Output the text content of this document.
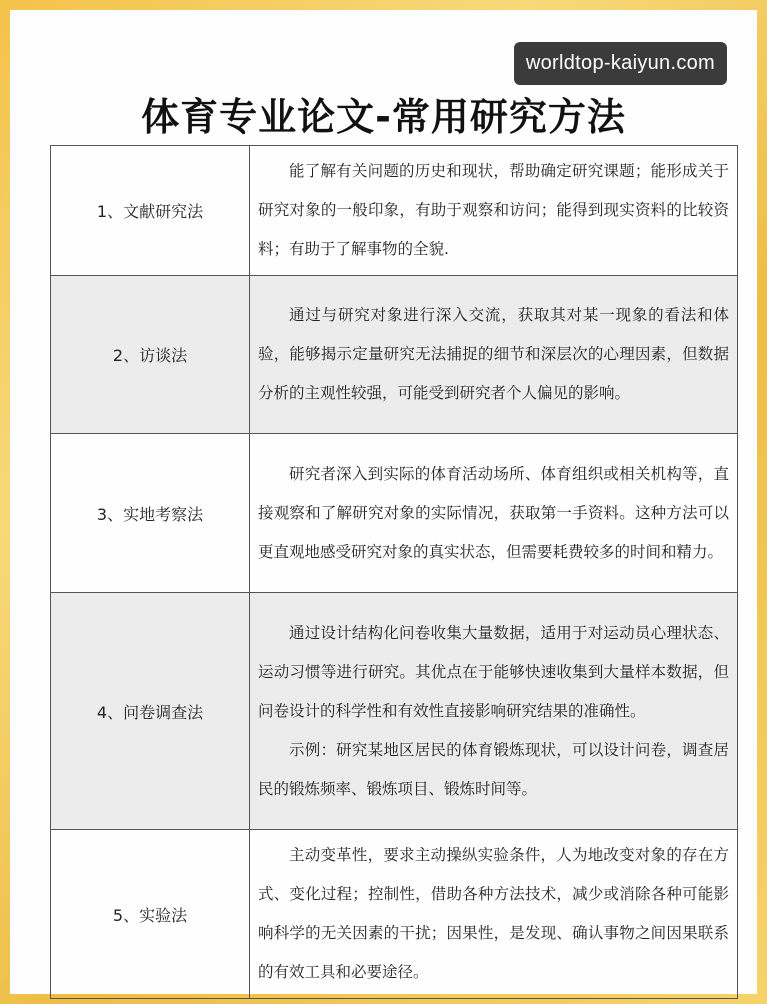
worldtop-kaiyun.com
体育专业论文-常用研究方法
1、文献研究法	能了解有关问题的历史和现状，帮助确定研究课题；能形成关于研究对象的一般印象，有助于观察和访问；能得到现实资料的比较资料；有助于了解事物的全貌.

2、访谈法	通过与研究对象进行深入交流，获取其对某一现象的看法和体验，能够揭示定量研究无法捕捉的细节和深层次的心理因素，但数据分析的主观性较强，可能受到研究者个人偏见的影响。

3、实地考察法	研究者深入到实际的体育活动场所、体育组织或相关机构等，直接观察和了解研究对象的实际情况，获取第一手资料。这种方法可以更直观地感受研究对象的真实状态，但需要耗费较多的时间和精力。

4、问卷调查法	通过设计结构化问卷收集大量数据，适用于对运动员心理状态、运动习惯等进行研究。其优点在于能够快速收集到大量样本数据，但问卷设计的科学性和有效性直接影响研究结果的准确性。

示例：研究某地区居民的体育锻炼现状，可以设计问卷，调查居民的锻炼频率、锻炼项目、锻炼时间等。

5、实验法	主动变革性，要求主动操纵实验条件，人为地改变对象的存在方式、变化过程；控制性，借助各种方法技术，减少或消除各种可能影响科学的无关因素的干扰；因果性，是发现、确认事物之间因果联系的有效工具和必要途径。
